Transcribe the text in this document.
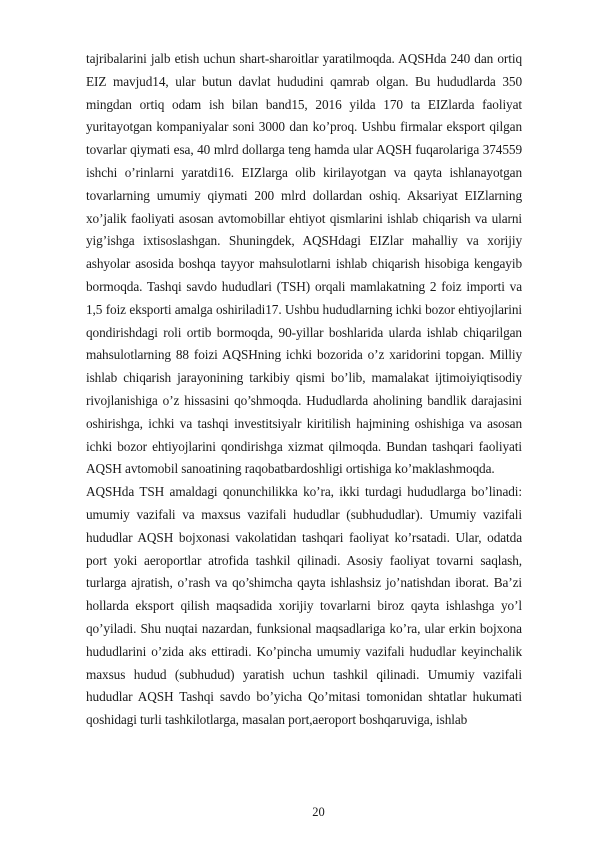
tajribalarini jalb etish uchun shart-sharoitlar yaratilmoqda. AQSHda 240 dan ortiq EIZ mavjud14, ular butun davlat hududini qamrab olgan. Bu hududlarda 350 mingdan ortiq odam ish bilan band15, 2016 yilda 170 ta EIZlarda faoliyat yuritayotgan kompaniyalar soni 3000 dan ko’proq. Ushbu firmalar eksport qilgan tovarlar qiymati esa, 40 mlrd dollarga teng hamda ular AQSH fuqarolariga 374559 ishchi o’rinlarni yaratdi16. EIZlarga olib kirilayotgan va qayta ishlanayotgan tovarlarning umumiy qiymati 200 mlrd dollardan oshiq. Aksariyat EIZlarning xo’jalik faoliyati asosan avtomobillar ehtiyot qismlarini ishlab chiqarish va ularni yig’ishga ixtisoslashgan. Shuningdek, AQSHdagi EIZlar mahalliy va xorijiy ashyolar asosida boshqa tayyor mahsulotlarni ishlab chiqarish hisobiga kengayib bormoqda. Tashqi savdo hududlari (TSH) orqali mamlakatning 2 foiz importi va 1,5 foiz eksporti amalga oshiriladi17. Ushbu hududlarning ichki bozor ehtiyojlarini qondirishdagi roli ortib bormoqda, 90-yillar boshlarida ularda ishlab chiqarilgan mahsulotlarning 88 foizi AQSHning ichki bozorida o’z xaridorini topgan. Milliy ishlab chiqarish jarayonining tarkibiy qismi bo’lib, mamalakat ijtimoiyiqtisodiy rivojlanishiga o’z hissasini qo’shmoqda. Hududlarda aholining bandlik darajasini oshirishga, ichki va tashqi investitsiyalr kiritilish hajmining oshishiga va asosan ichki bozor ehtiyojlarini qondirishga xizmat qilmoqda. Bundan tashqari faoliyati AQSH avtomobil sanoatining raqobatbardoshligi ortishiga ko’maklashmoqda.

AQSHda TSH amaldagi qonunchilikka ko’ra, ikki turdagi hududlarga bo’linadi: umumiy vazifali va maxsus vazifali hududlar (subhududlar). Umumiy vazifali hududlar AQSH bojxonasi vakolatidan tashqari faoliyat ko’rsatadi. Ular, odatda port yoki aeroportlar atrofida tashkil qilinadi. Asosiy faoliyat tovarni saqlash, turlarga ajratish, o’rash va qo’shimcha qayta ishlashsiz jo’natishdan iborat. Ba’zi hollarda eksport qilish maqsadida xorijiy tovarlarni biroz qayta ishlashga yo’l qo’yiladi. Shu nuqtai nazardan, funksional maqsadlariga ko’ra, ular erkin bojxona hududlarini o’zida aks ettiradi. Ko’pincha umumiy vazifali hududlar keyinchalik maxsus hudud (subhudud) yaratish uchun tashkil qilinadi. Umumiy vazifali hududlar AQSH Tashqi savdo bo’yicha Qo’mitasi tomonidan shtatlar hukumati qoshidagi turli tashkilotlarga, masalan port,aeroport boshqaruviga, ishlab

20
